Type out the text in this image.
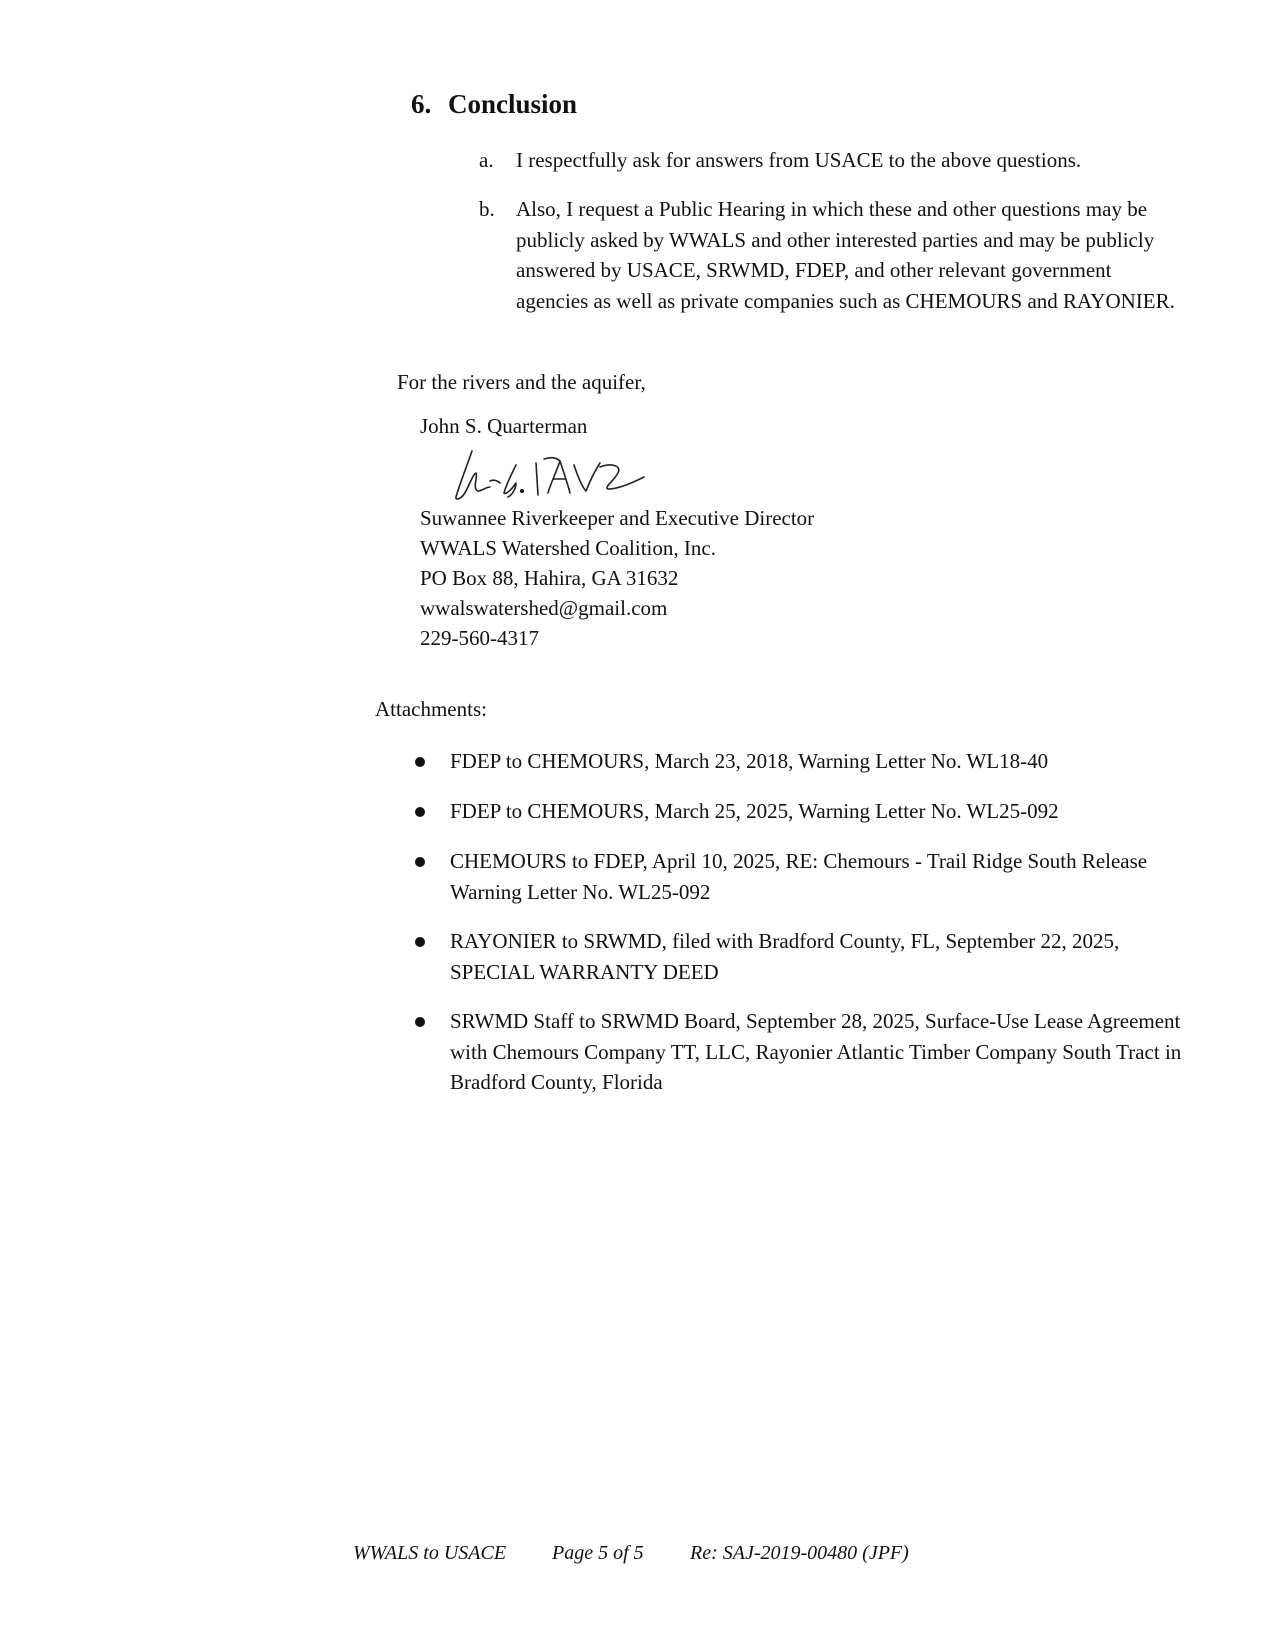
6. Conclusion
a. I respectfully ask for answers from USACE to the above questions.
b. Also, I request a Public Hearing in which these and other questions may be publicly asked by WWALS and other interested parties and may be publicly answered by USACE, SRWMD, FDEP, and other relevant government agencies as well as private companies such as CHEMOURS and RAYONIER.
For the rivers and the aquifer,
John S. Quarterman
Suwannee Riverkeeper and Executive Director
WWALS Watershed Coalition, Inc.
PO Box 88, Hahira, GA 31632
wwalswatershed@gmail.com
229-560-4317
Attachments:
FDEP to CHEMOURS, March 23, 2018, Warning Letter No. WL18-40
FDEP to CHEMOURS, March 25, 2025, Warning Letter No. WL25-092
CHEMOURS to FDEP, April 10, 2025, RE: Chemours - Trail Ridge South Release Warning Letter No. WL25-092
RAYONIER to SRWMD, filed with Bradford County, FL, September 22, 2025, SPECIAL WARRANTY DEED
SRWMD Staff to SRWMD Board, September 28, 2025, Surface-Use Lease Agreement with Chemours Company TT, LLC, Rayonier Atlantic Timber Company South Tract in Bradford County, Florida
WWALS to USACE Page 5 of 5 Re: SAJ-2019-00480 (JPF)
